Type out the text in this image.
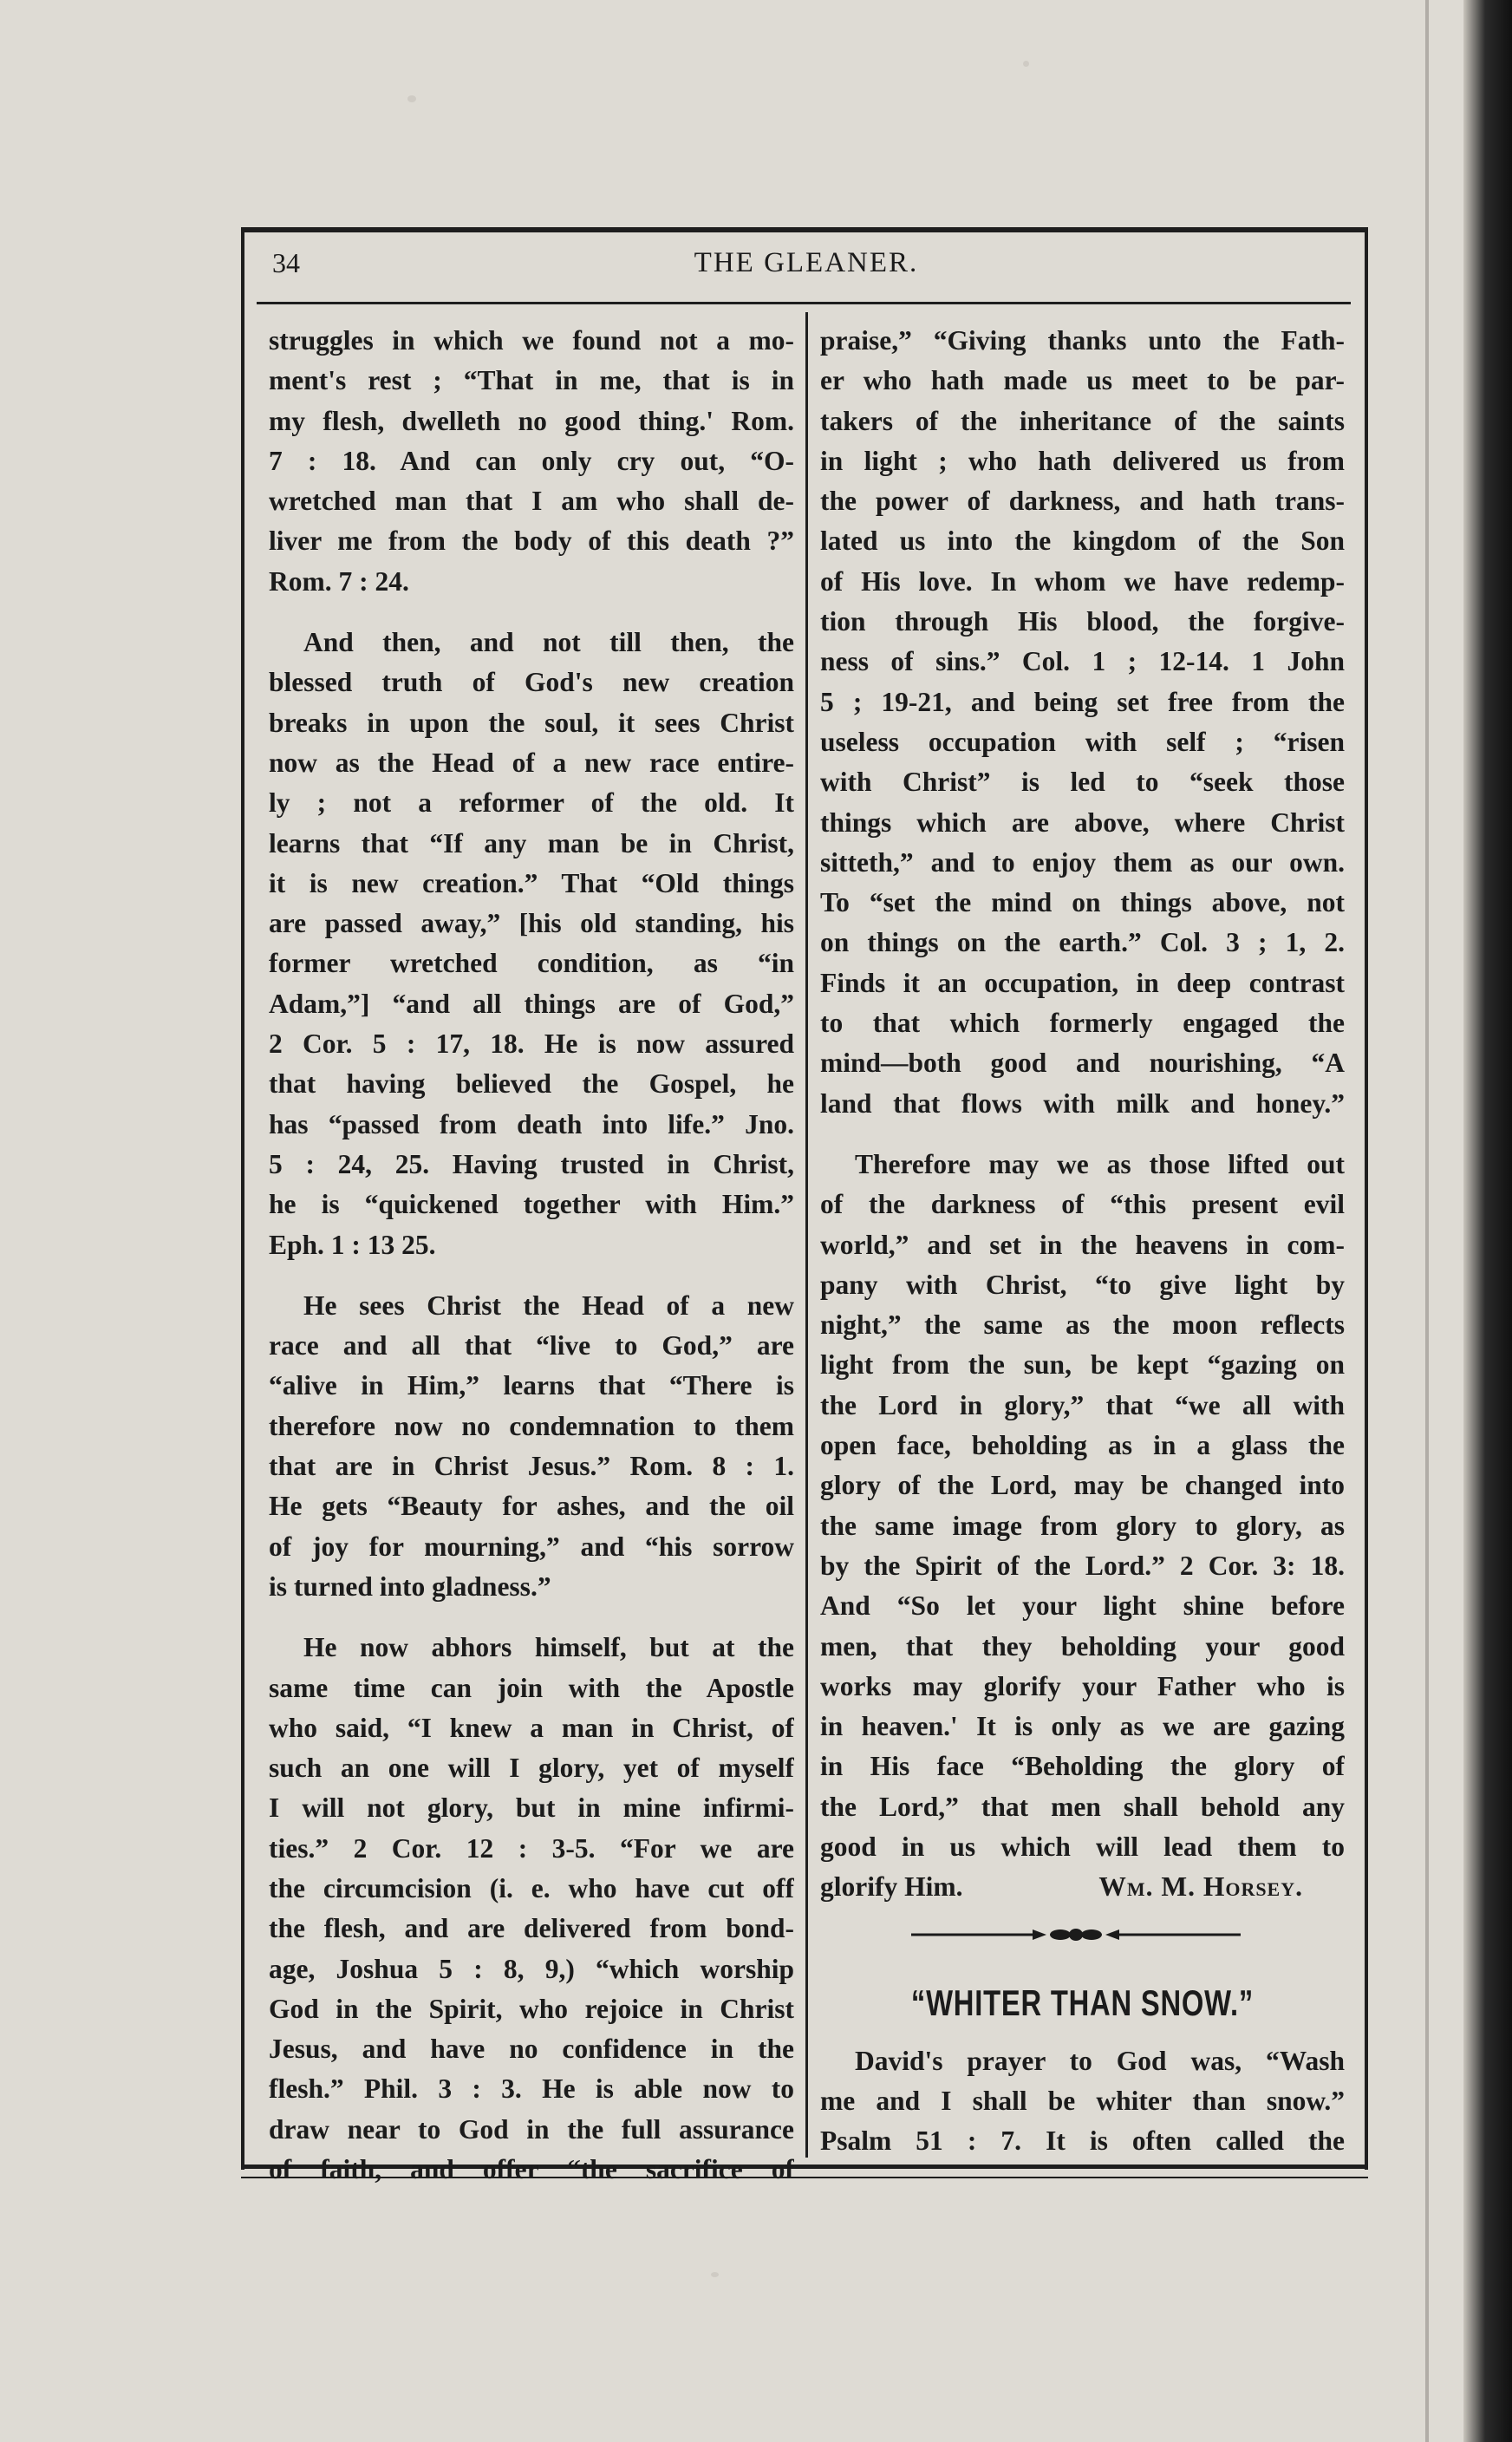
34	THE GLEANER.
struggles in which we found not a mo-
ment's rest ; “That in me, that is in
my flesh, dwelleth no good thing.' Rom.
7 : 18. And can only cry out, “O-
wretched man that I am who shall de-
liver me from the body of this death ?”
Rom. 7 : 24.
And then, and not till then, the
blessed truth of God's new creation
breaks in upon the soul, it sees Christ
now as the Head of a new race entire-
ly ; not a reformer of the old. It
learns that “If any man be in Christ,
it is new creation.” That “Old things
are passed away,” [his old standing, his
former wretched condition, as “in
Adam,”] “and all things are of God,”
2 Cor. 5 : 17, 18. He is now assured
that having believed the Gospel, he
has “passed from death into life.” Jno.
5 : 24, 25. Having trusted in Christ,
he is “quickened together with Him.”
Eph. 1 : 13 25.
He sees Christ the Head of a new
race and all that “live to God,” are
“alive in Him,” learns that “There is
therefore now no condemnation to them
that are in Christ Jesus.” Rom. 8 : 1.
He gets “Beauty for ashes, and the oil
of joy for mourning,” and “his sorrow
is turned into gladness.”
He now abhors himself, but at the
same time can join with the Apostle
who said, “I knew a man in Christ, of
such an one will I glory, yet of myself
I will not glory, but in mine infirmi-
ties.” 2 Cor. 12 : 3-5. “For we are
the circumcision (i. e. who have cut off
the flesh, and are delivered from bond-
age, Joshua 5 : 8, 9,) “which worship
God in the Spirit, who rejoice in Christ
Jesus, and have no confidence in the
flesh.” Phil. 3 : 3. He is able now to
draw near to God in the full assurance
of faith, and offer “the sacrifice of
praise,” “Giving thanks unto the Fath-
er who hath made us meet to be par-
takers of the inheritance of the saints
in light ; who hath delivered us from
the power of darkness, and hath trans-
lated us into the kingdom of the Son
of His love. In whom we have redemp-
tion through His blood, the forgive-
ness of sins.” Col. 1 ; 12-14. 1 John
5 ; 19-21, and being set free from the
useless occupation with self ; “risen
with Christ” is led to “seek those
things which are above, where Christ
sitteth,” and to enjoy them as our own.
To “set the mind on things above, not
on things on the earth.” Col. 3 ; 1, 2.
Finds it an occupation, in deep contrast
to that which formerly engaged the
mind—both good and nourishing, “A
land that flows with milk and honey.”
Therefore may we as those lifted out
of the darkness of “this present evil
world,” and set in the heavens in com-
pany with Christ, “to give light by
night,” the same as the moon reflects
light from the sun, be kept “gazing on
the Lord in glory,” that “we all with
open face, beholding as in a glass the
glory of the Lord, may be changed into
the same image from glory to glory, as
by the Spirit of the Lord.” 2 Cor. 3: 18.
And “So let your light shine before
men, that they beholding your good
works may glorify your Father who is
in heaven.' It is only as we are gazing
in His face “Beholding the glory of
the Lord,” that men shall behold any
good in us which will lead them to
glorify Him.	Wm. M. Horsey.
“WHITER THAN SNOW.”
David's prayer to God was, “Wash
me and I shall be whiter than snow.”
Psalm 51 : 7. It is often called the
